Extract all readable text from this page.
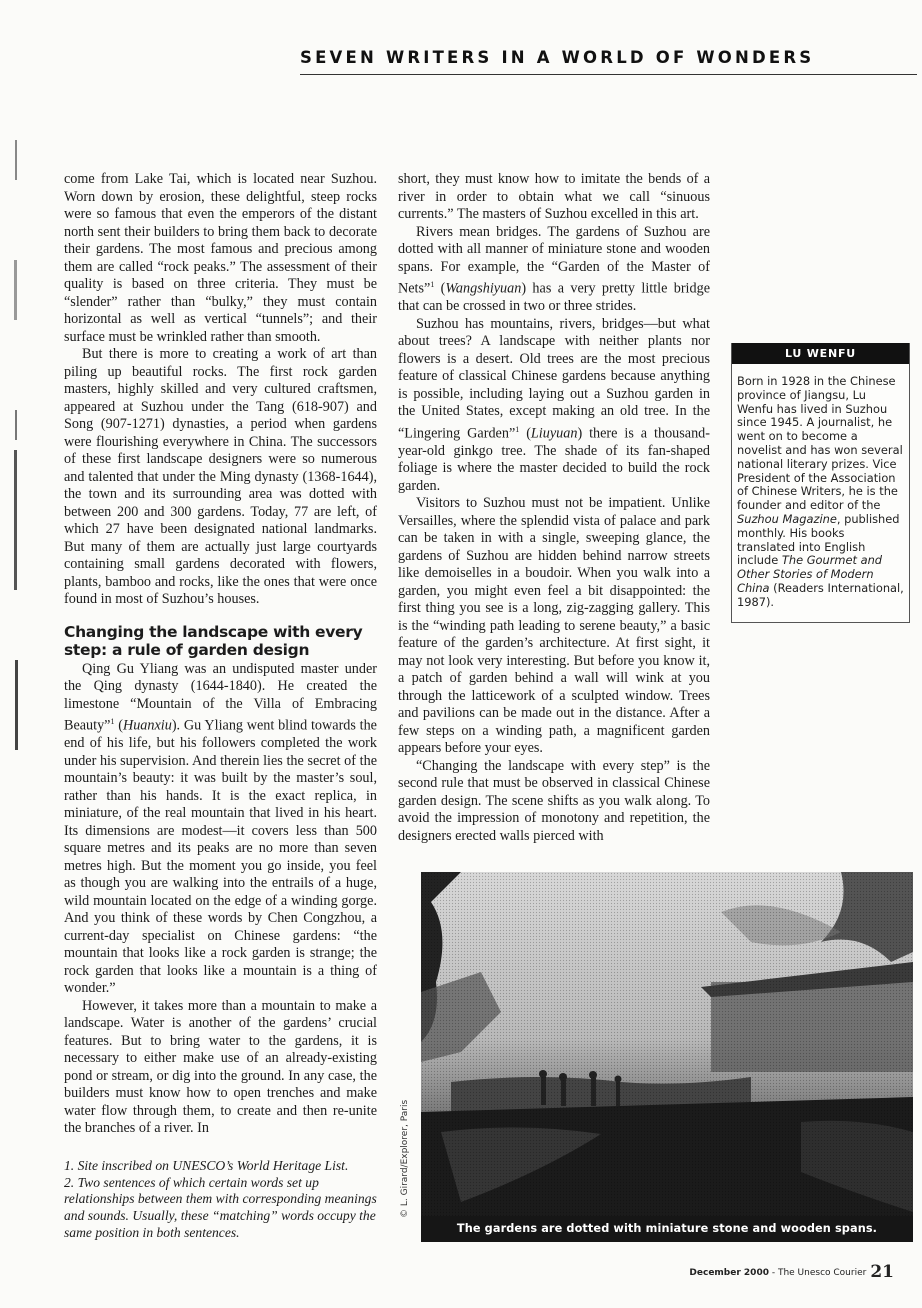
SEVEN WRITERS IN A WORLD OF WONDERS

come from Lake Tai, which is located near Suzhou. Worn down by erosion, these delightful, steep rocks were so famous that even the emperors of the distant north sent their builders to bring them back to decorate their gardens. The most famous and precious among them are called “rock peaks.” The assessment of their quality is based on three criteria. They must be “slender” rather than “bulky,” they must contain horizontal as well as vertical “tunnels”; and their surface must be wrinkled rather than smooth.

But there is more to creating a work of art than piling up beautiful rocks. The first rock garden masters, highly skilled and very cultured craftsmen, appeared at Suzhou under the Tang (618-907) and Song (907-1271) dynasties, a period when gardens were flourishing everywhere in China. The successors of these first landscape designers were so numerous and talented that under the Ming dynasty (1368-1644), the town and its surrounding area was dotted with between 200 and 300 gardens. Today, 77 are left, of which 27 have been designated national landmarks. But many of them are actually just large courtyards containing small gardens decorated with flowers, plants, bamboo and rocks, like the ones that were once found in most of Suzhou’s houses.

Changing the landscape with every step: a rule of garden design

Qing Gu Yliang was an undisputed master under the Qing dynasty (1644-1840). He created the limestone “Mountain of the Villa of Embracing Beauty”$^1$ (Huanxiu). Gu Yliang went blind towards the end of his life, but his followers completed the work under his supervision. And therein lies the secret of the mountain’s beauty: it was built by the master’s soul, rather than his hands. It is the exact replica, in miniature, of the real mountain that lived in his heart. Its dimensions are modest—it covers less than 500 square metres and its peaks are no more than seven metres high. But the moment you go inside, you feel as though you are walking into the entrails of a huge, wild mountain located on the edge of a winding gorge. And you think of these words by Chen Congzhou, a current-day specialist on Chinese gardens: “the mountain that looks like a rock garden is strange; the rock garden that looks like a mountain is a thing of wonder.”

However, it takes more than a mountain to make a landscape. Water is another of the gardens’ crucial features. But to bring water to the gardens, it is necessary to either make use of an already-existing pond or stream, or dig into the ground. In any case, the builders must know how to open trenches and make water flow through them, to create and then re-unite the branches of a river. In

short, they must know how to imitate the bends of a river in order to obtain what we call “sinuous currents.” The masters of Suzhou excelled in this art.

Rivers mean bridges. The gardens of Suzhou are dotted with all manner of miniature stone and wooden spans. For example, the “Garden of the Master of Nets”$^1$ (Wangshiyuan) has a very pretty little bridge that can be crossed in two or three strides.

Suzhou has mountains, rivers, bridges—but what about trees? A landscape with neither plants nor flowers is a desert. Old trees are the most precious feature of classical Chinese gardens because anything is possible, including laying out a Suzhou garden in the United States, except making an old tree. In the “Lingering Garden”$^1$ (Liuyuan) there is a thousand-year-old ginkgo tree. The shade of its fan-shaped foliage is where the master decided to build the rock garden.

Visitors to Suzhou must not be impatient. Unlike Versailles, where the splendid vista of palace and park can be taken in with a single, sweeping glance, the gardens of Suzhou are hidden behind narrow streets like demoiselles in a boudoir. When you walk into a garden, you might even feel a bit disappointed: the first thing you see is a long, zig-zagging gallery. This is the “winding path leading to serene beauty,” a basic feature of the garden’s architecture. At first sight, it may not look very interesting. But before you know it, a patch of garden behind a wall will wink at you through the latticework of a sculpted window. Trees and pavilions can be made out in the distance. After a few steps on a winding path, a magnificent garden appears before your eyes.

“Changing the landscape with every step” is the second rule that must be observed in classical Chinese garden design. The scene shifts as you walk along. To avoid the impression of monotony and repetition, the designers erected walls pierced with

LU WENFU
Born in 1928 in the Chinese province of Jiangsu, Lu Wenfu has lived in Suzhou since 1945. A journalist, he went on to become a novelist and has won several national literary prizes. Vice President of the Association of Chinese Writers, he is the founder and editor of the Suzhou Magazine, published monthly. His books translated into English include The Gourmet and Other Stories of Modern China (Readers International, 1987).

1. Site inscribed on UNESCO’s World Heritage List.

2. Two sentences of which certain words set up relationships between them with corresponding meanings and sounds. Usually, these “matching” words occupy the same position in both sentences.

© L. Girard/Explorer, Paris
The gardens are dotted with miniature stone and wooden spans.
December 2000 - The Unesco Courier 21
